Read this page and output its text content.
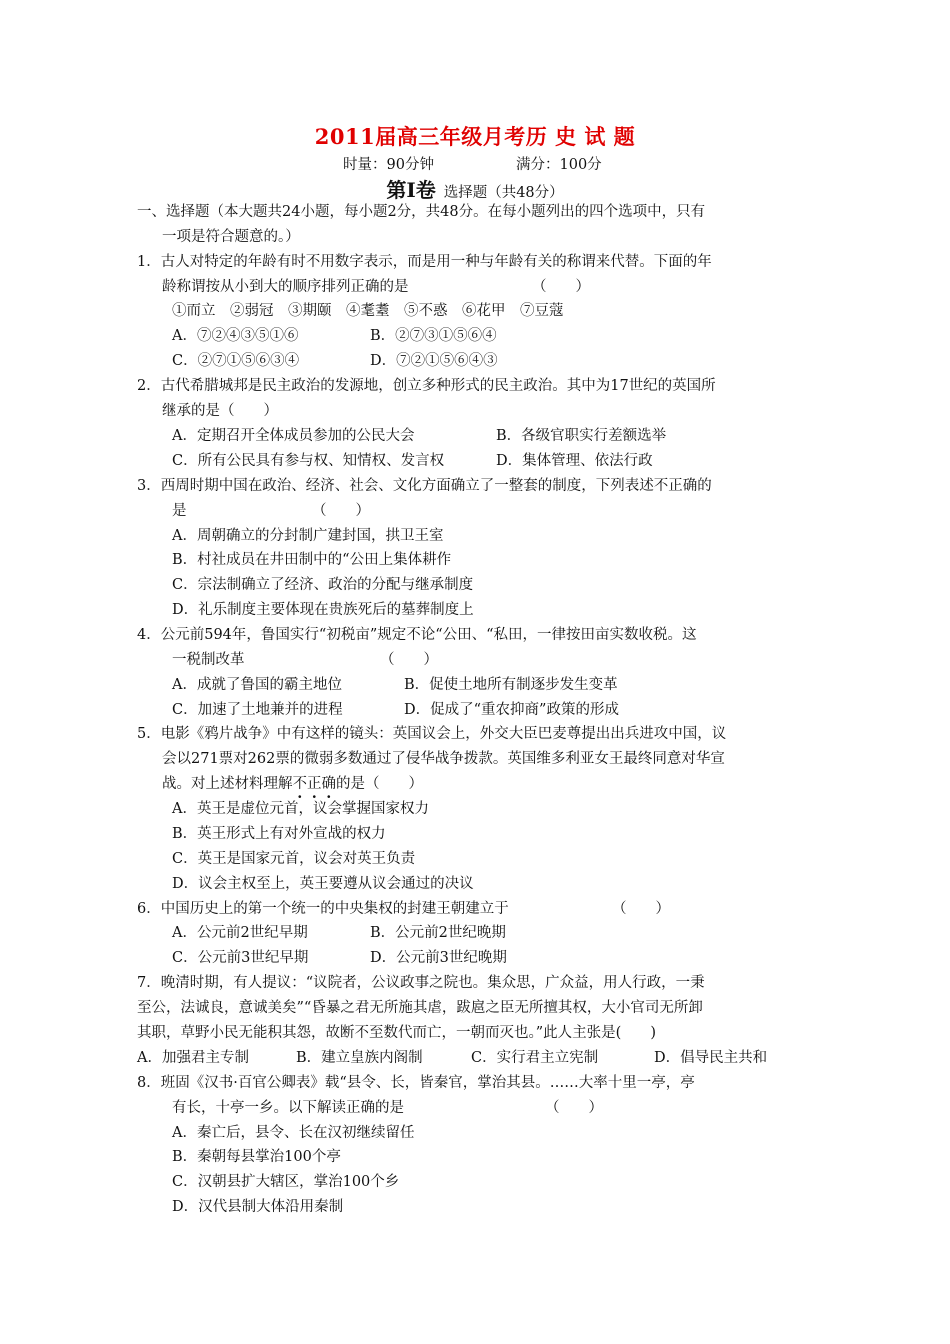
2011届高三年级月考历 史 试 题
时量：90分钟	满分：100分
第Ⅰ卷 选择题（共48分）
一、选择题（本大题共24小题，每小题2分，共48分。在每小题列出的四个选项中，只有
一项是符合题意的。）
1．古人对特定的年龄有时不用数字表示，而是用一种与年龄有关的称谓来代替。下面的年
龄称谓按从小到大的顺序排列正确的是	（　　）
①而立　②弱冠　③期颐　④耄耋　⑤不惑　⑥花甲　⑦豆蔻
A．⑦②④③⑤①⑥	B．②⑦③①⑤⑥④
C．②⑦①⑤⑥③④	D．⑦②①⑤⑥④③
2．古代希腊城邦是民主政治的发源地，创立多种形式的民主政治。其中为17世纪的英国所
继承的是（　　）
A．定期召开全体成员参加的公民大会	B．各级官职实行差额选举
C．所有公民具有参与权、知情权、发言权	D．集体管理、依法行政
3．西周时期中国在政治、经济、社会、文化方面确立了一整套的制度，下列表述不正确的
是	（　　）
A．周朝确立的分封制广建封国，拱卫王室
B．村社成员在井田制中的“公田上集体耕作
C．宗法制确立了经济、政治的分配与继承制度
D．礼乐制度主要体现在贵族死后的墓葬制度上
4．公元前594年，鲁国实行“初税亩”规定不论“公田、“私田，一律按田亩实数收税。这
一税制改革	（　　）
A．成就了鲁国的霸主地位	B．促使土地所有制逐步发生变革
C．加速了土地兼并的进程	D．促成了“重农抑商”政策的形成
5．电影《鸦片战争》中有这样的镜头：英国议会上，外交大臣巴麦尊提出出兵进攻中国，议
会以271票对262票的微弱多数通过了侵华战争拨款。英国维多利亚女王最终同意对华宣
战。对上述材料理解不正确的是（　　）
A．英王是虚位元首，议会掌握国家权力
B．英王形式上有对外宣战的权力
C．英王是国家元首，议会对英王负责
D．议会主权至上，英王要遵从议会通过的决议
6．中国历史上的第一个统一的中央集权的封建王朝建立于	（　　）
A．公元前2世纪早期	B．公元前2世纪晚期
C．公元前3世纪早期	D．公元前3世纪晚期
7．晚清时期，有人提议：“议院者，公议政事之院也。集众思，广众益，用人行政，一秉
至公，法诚良，意诚美矣”“昏暴之君无所施其虐，跋扈之臣无所擅其权，大小官司无所卸
其职，草野小民无能积其怨，故断不至数代而亡，一朝而灭也。”此人主张是(　　)
A．加强君主专制	B．建立皇族内阁制	C．实行君主立宪制	D．倡导民主共和
8．班固《汉书·百官公卿表》载“县令、长，皆秦官，掌治其县。……大率十里一亭，亭
有长，十亭一乡。以下解读正确的是	（　　）
A．秦亡后，县令、长在汉初继续留任
B．秦朝每县掌治100个亭
C．汉朝县扩大辖区，掌治100个乡
D．汉代县制大体沿用秦制
